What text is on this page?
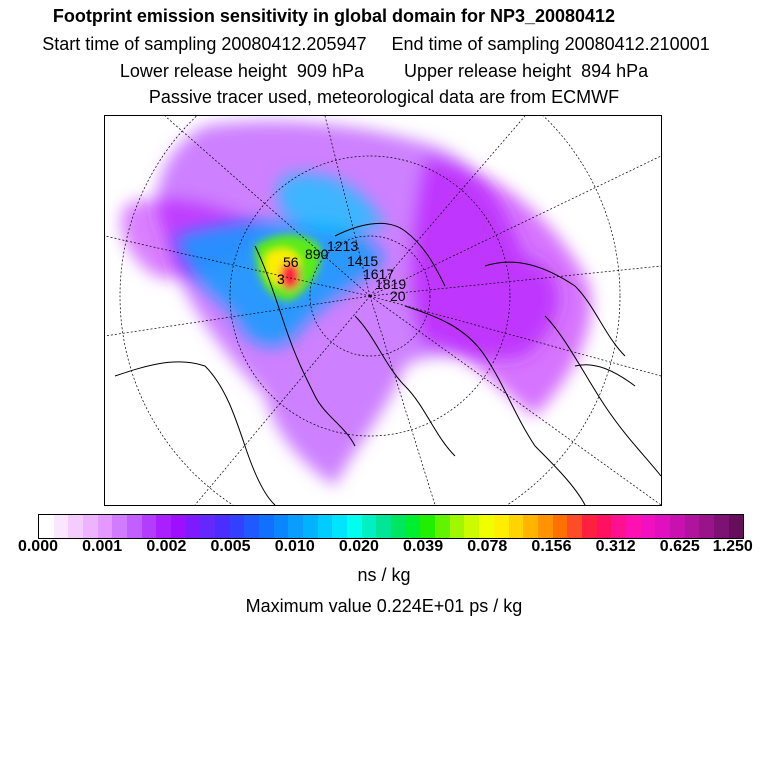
Footprint emission sensitivity in global domain for NP3_20080412
Start time of sampling 20080412.205947     End time of sampling 20080412.210001
Lower release height  909 hPa        Upper release height  894 hPa
Passive tracer used, meteorological data are from ECMWF
56
3
890
1213
1415
1617
1819
20
0.000 0.001 0.002 0.005 0.010 0.020 0.039 0.078 0.156 0.312 0.625 1.250
ns / kg
Maximum value 0.224E+01 ps / kg
